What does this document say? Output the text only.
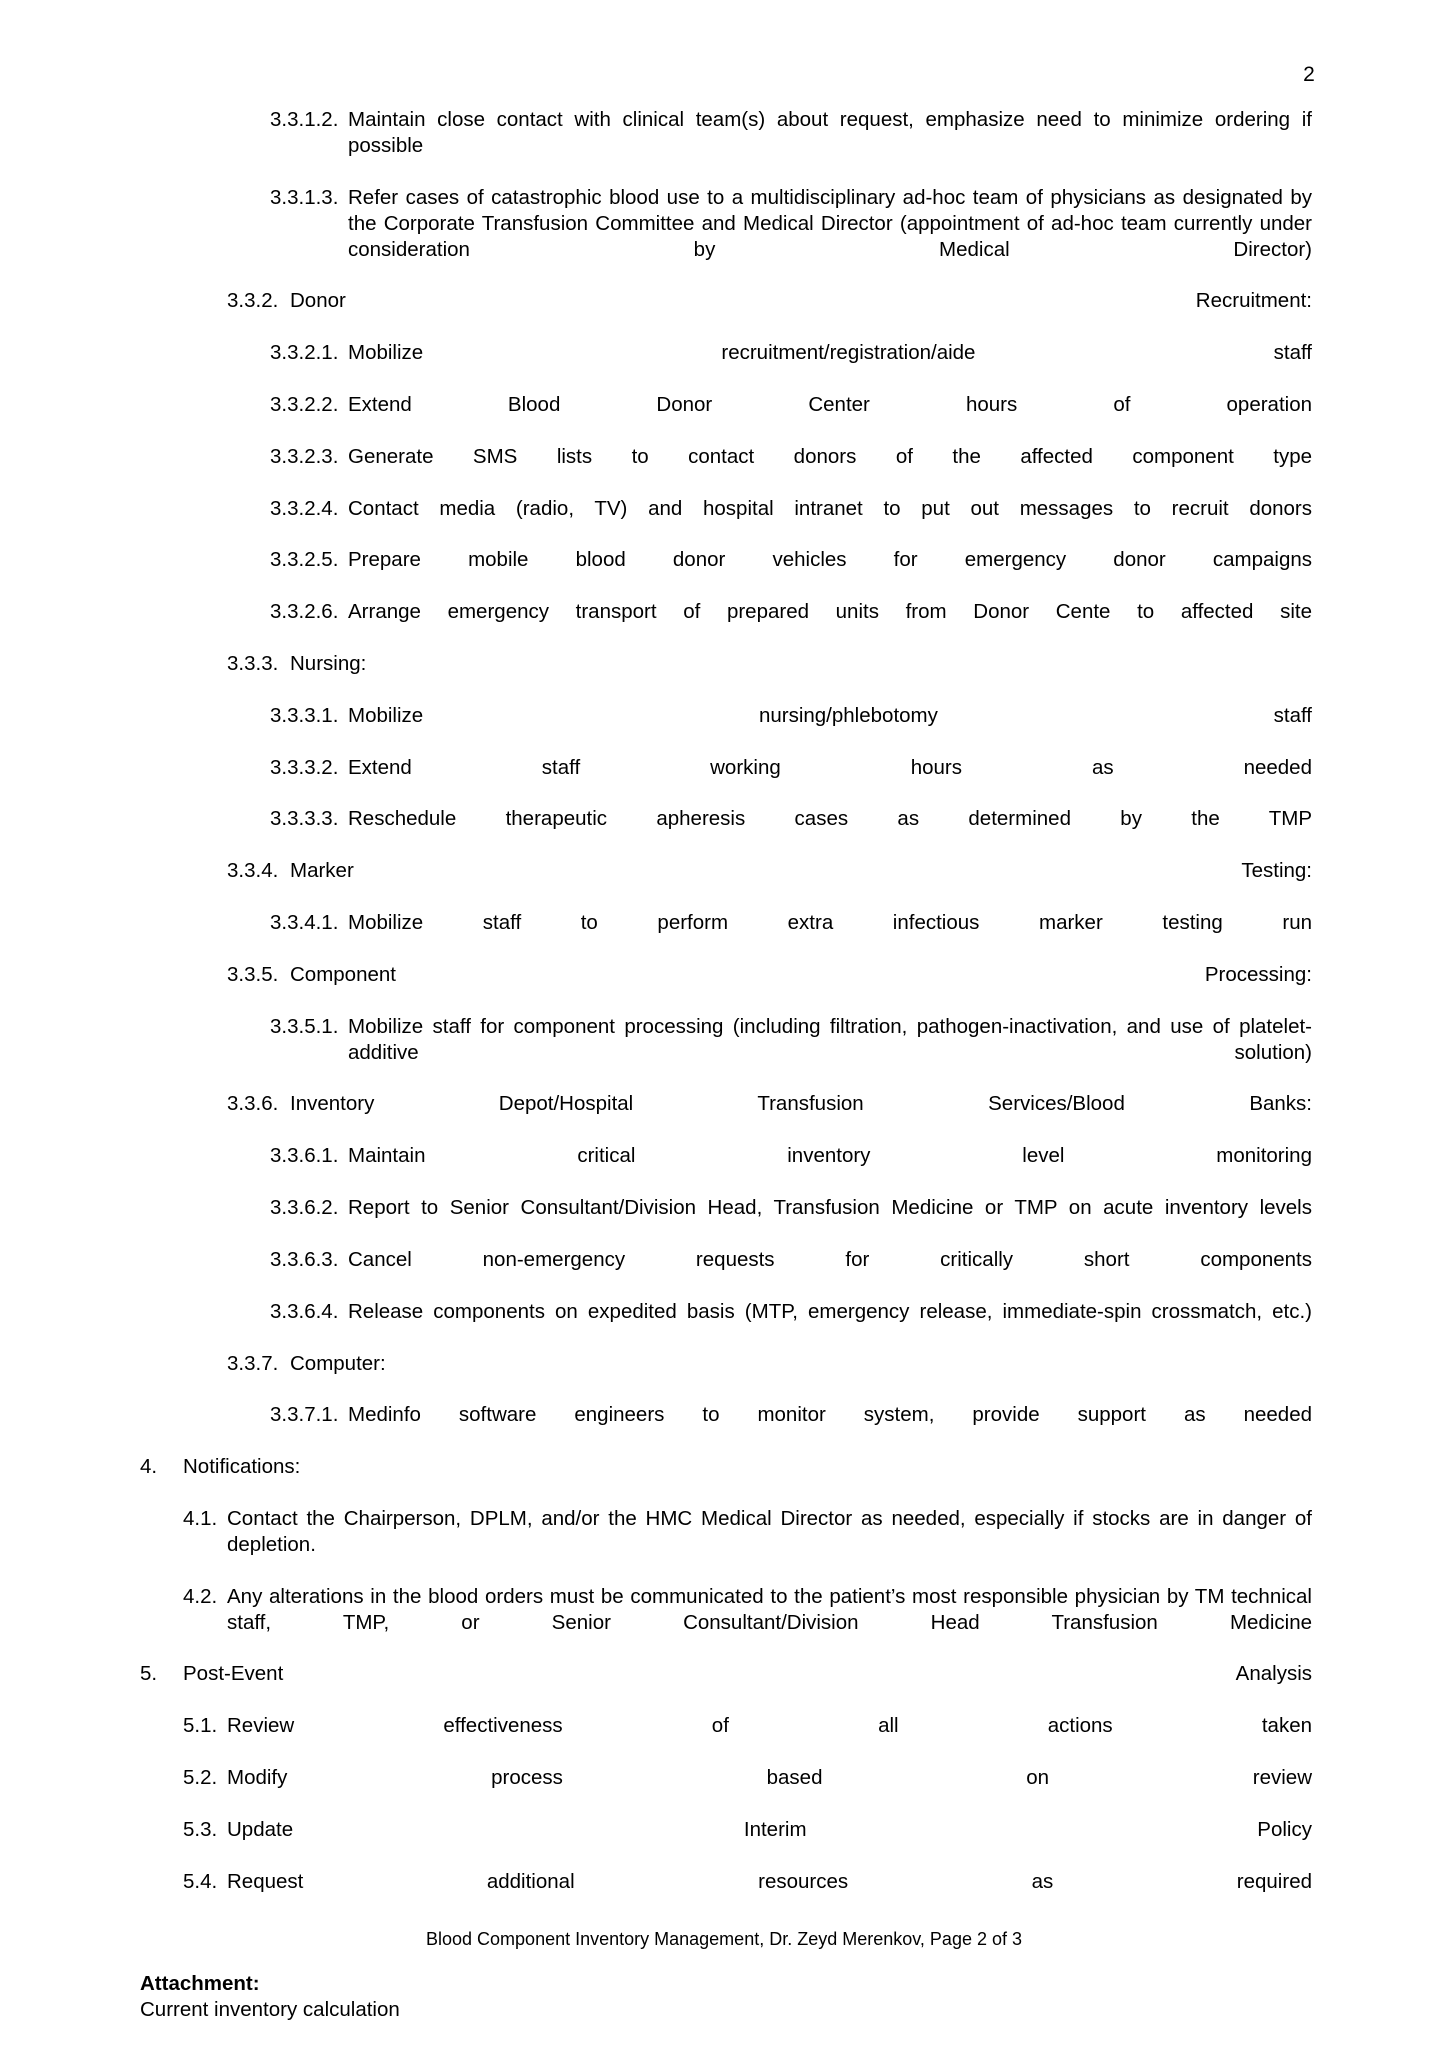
2
3.3.1.2. Maintain close contact with clinical team(s) about request, emphasize need to minimize ordering if possible
3.3.1.3. Refer cases of catastrophic blood use to a multidisciplinary ad-hoc team of physicians as designated by the Corporate Transfusion Committee and Medical Director (appointment of ad-hoc team currently under consideration by Medical Director)
3.3.2. Donor Recruitment:
3.3.2.1. Mobilize recruitment/registration/aide staff
3.3.2.2. Extend Blood Donor Center hours of operation
3.3.2.3. Generate SMS lists to contact donors of the affected component type
3.3.2.4. Contact media (radio, TV) and hospital intranet to put out messages to recruit donors
3.3.2.5. Prepare mobile blood donor vehicles for emergency donor campaigns
3.3.2.6. Arrange emergency transport of prepared units from Donor Cente to affected site
3.3.3. Nursing:
3.3.3.1. Mobilize nursing/phlebotomy staff
3.3.3.2. Extend staff working hours as needed
3.3.3.3. Reschedule therapeutic apheresis cases as determined by the TMP
3.3.4. Marker Testing:
3.3.4.1. Mobilize staff to perform extra infectious marker testing run
3.3.5. Component Processing:
3.3.5.1. Mobilize staff for component processing (including filtration, pathogen-inactivation, and use of platelet-additive solution)
3.3.6. Inventory Depot/Hospital Transfusion Services/Blood Banks:
3.3.6.1. Maintain critical inventory level monitoring
3.3.6.2. Report to Senior Consultant/Division Head, Transfusion Medicine or TMP on acute inventory levels
3.3.6.3. Cancel non-emergency requests for critically short components
3.3.6.4. Release components on expedited basis (MTP, emergency release, immediate-spin crossmatch, etc.)
3.3.7. Computer:
3.3.7.1. Medinfo software engineers to monitor system, provide support as needed
4.	Notifications:
4.1. Contact the Chairperson, DPLM, and/or the HMC Medical Director as needed, especially if stocks are in danger of depletion.
4.2. Any alterations in the blood orders must be communicated to the patient’s most responsible physician by TM technical staff, TMP, or Senior Consultant/Division Head Transfusion Medicine
5.	Post-Event Analysis
5.1. Review effectiveness of all actions taken
5.2. Modify process based on review
5.3. Update Interim Policy
5.4. Request additional resources as required
Attachment:
Current inventory calculation
Blood Component Inventory Management, Dr. Zeyd Merenkov, Page 2 of 3
